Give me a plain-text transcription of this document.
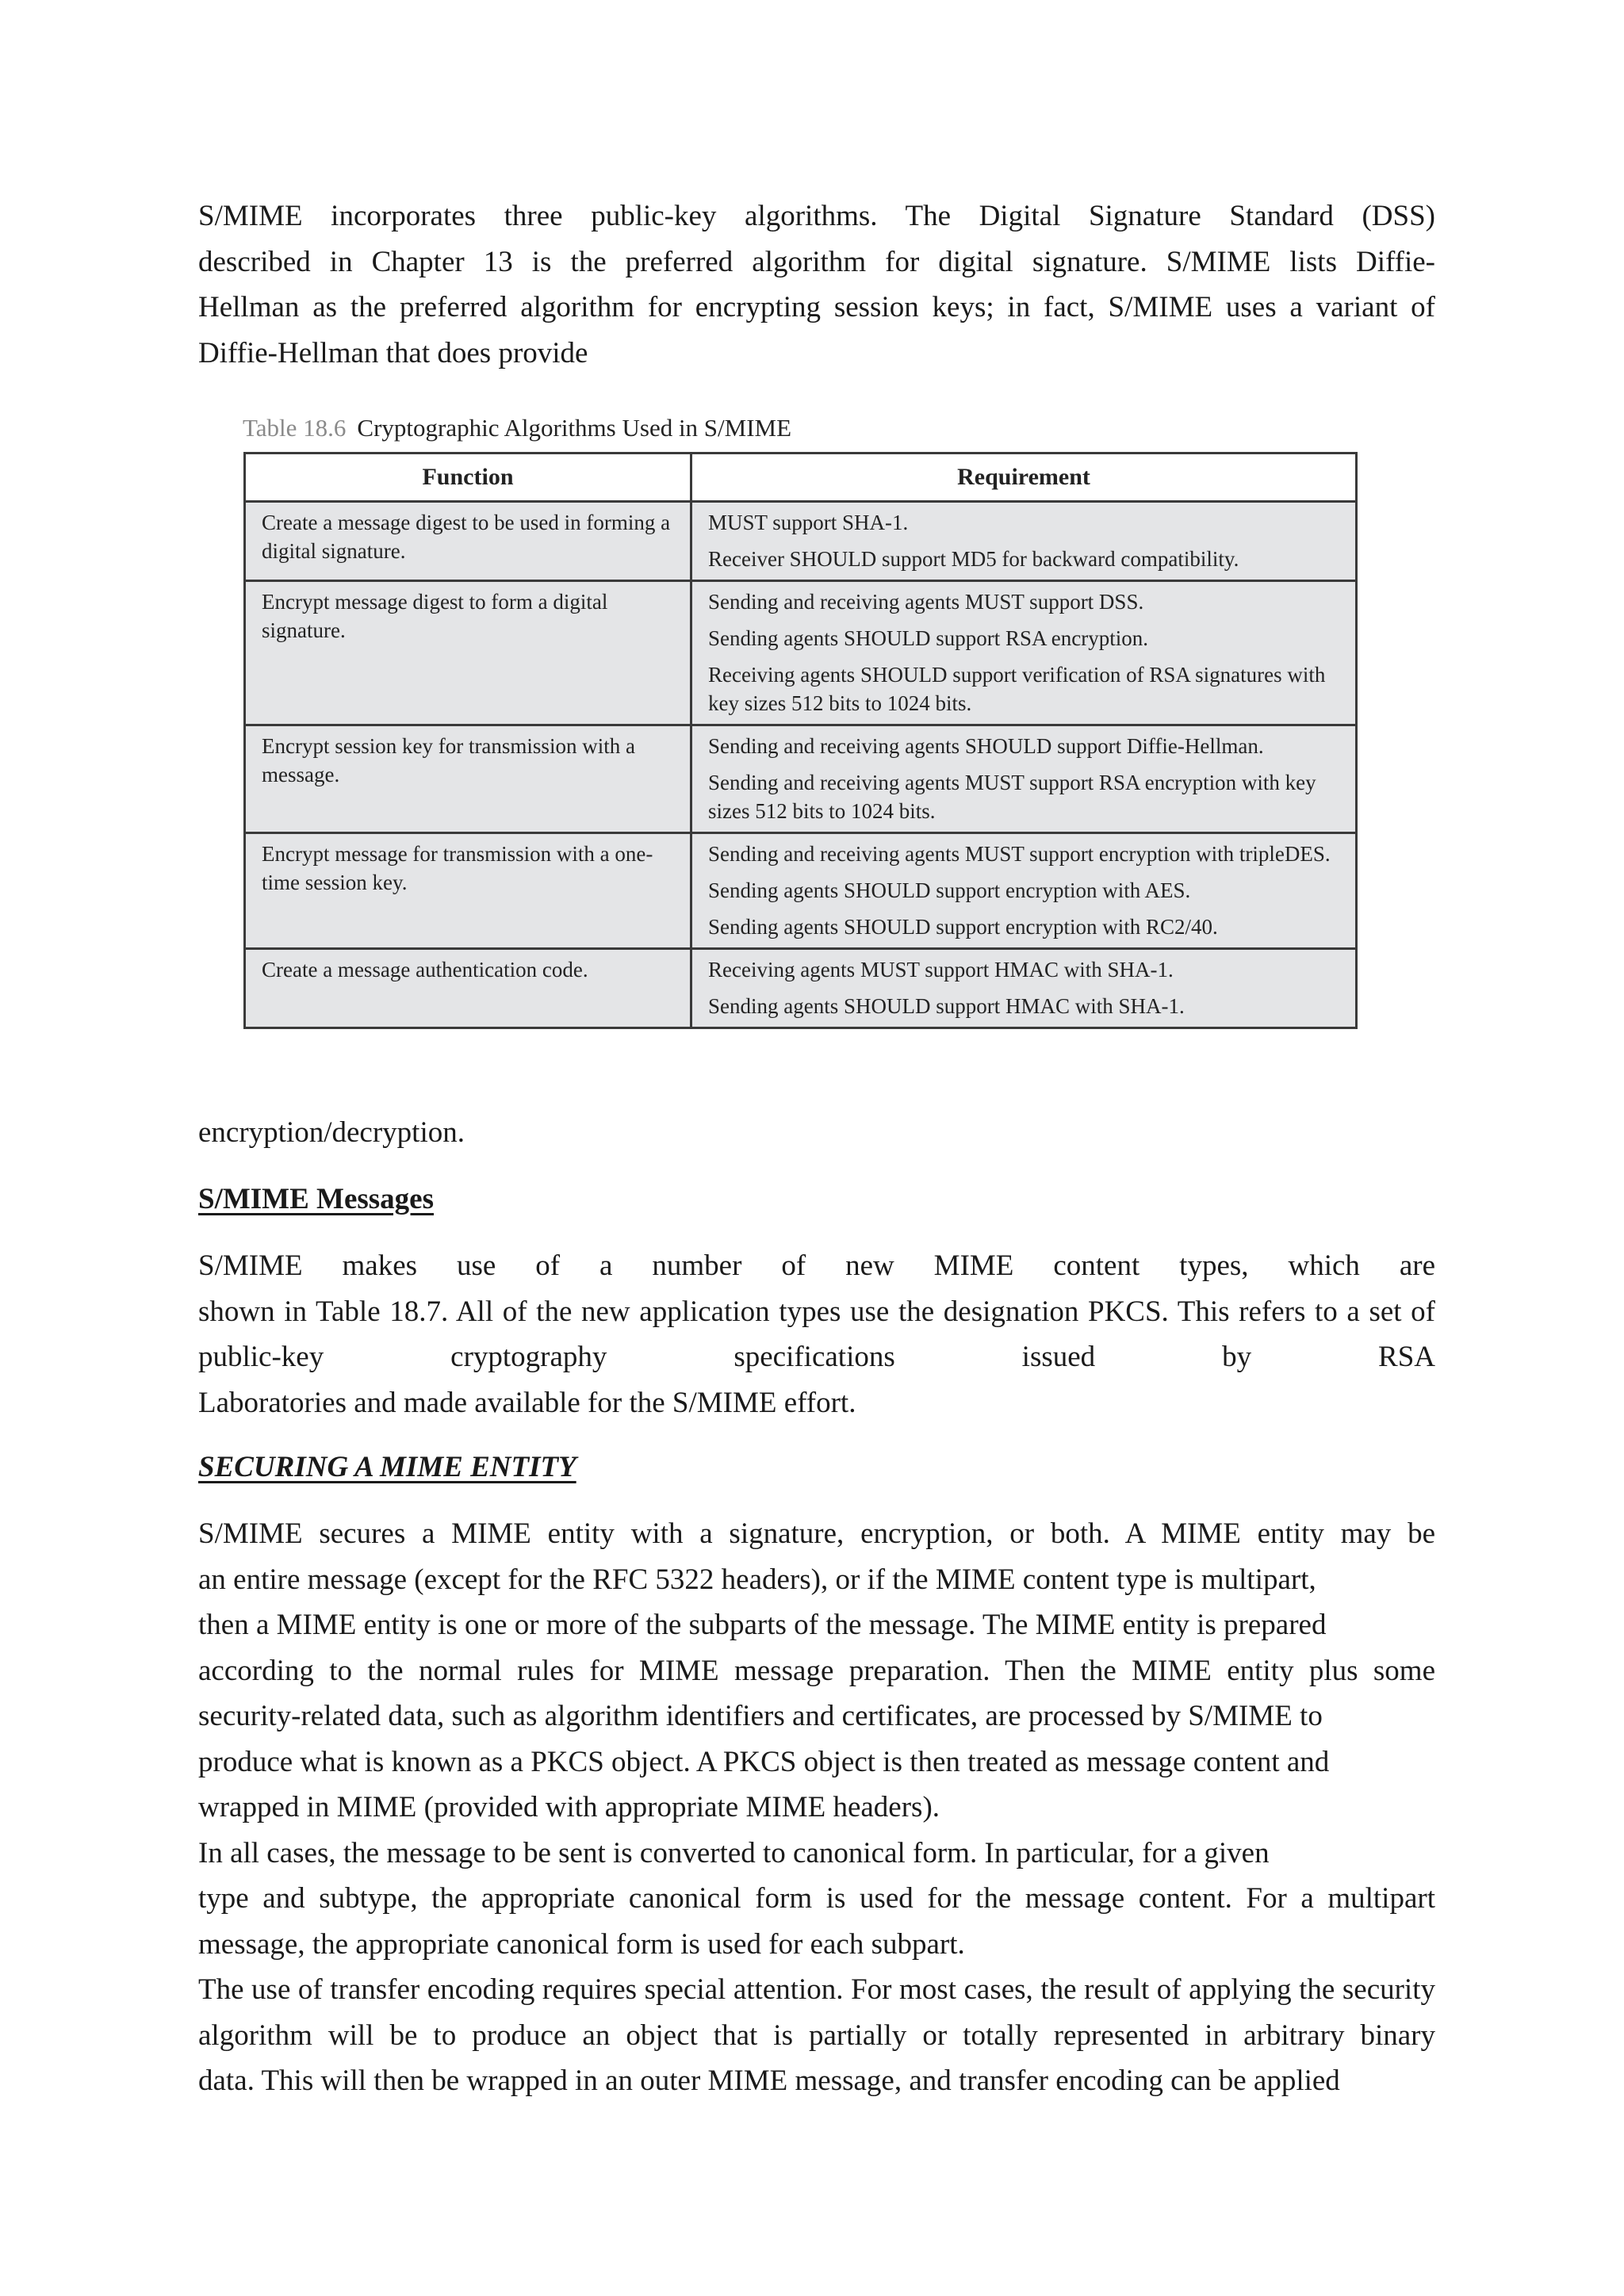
S/MIME incorporates three public-key algorithms. The Digital Signature Standard (DSS)
described in Chapter 13 is the preferred algorithm for digital signature. S/MIME lists Diffie-
Hellman as the preferred algorithm for encrypting session keys; in fact, S/MIME uses a variant of
Diffie-Hellman that does provide
Table 18.6 Cryptographic Algorithms Used in S/MIME
Function	Requirement
Create a message digest to be used in forming a digital signature.	MUST support SHA-1.
Receiver SHOULD support MD5 for backward compatibility.

Encrypt message digest to form a digital signature.	Sending and receiving agents MUST support DSS.
Sending agents SHOULD support RSA encryption.
Receiving agents SHOULD support verification of RSA signatures with key sizes 512 bits to 1024 bits.

Encrypt session key for transmission with a message.	Sending and receiving agents SHOULD support Diffie-Hellman.
Sending and receiving agents MUST support RSA encryption with key sizes 512 bits to 1024 bits.

Encrypt message for transmission with a one-time session key.	Sending and receiving agents MUST support encryption with tripleDES.
Sending agents SHOULD support encryption with AES.
Sending agents SHOULD support encryption with RC2/40.

Create a message authentication code.	Receiving agents MUST support HMAC with SHA-1.
Sending agents SHOULD support HMAC with SHA-1.
encryption/decryption.
S/MIME Messages
S/MIME makes use of a number of new MIME content types, which are
shown in Table 18.7. All of the new application types use the designation PKCS. This refers to a set of
public-key cryptography specifications issued by RSA
Laboratories and made available for the S/MIME effort.
SECURING A MIME ENTITY
S/MIME secures a MIME entity with a signature, encryption, or both. A MIME entity may be
an entire message (except for the RFC 5322 headers), or if the MIME content type is multipart,
then a MIME entity is one or more of the subparts of the message. The MIME entity is prepared
according to the normal rules for MIME message preparation. Then the MIME entity plus some
security-related data, such as algorithm identifiers and certificates, are processed by S/MIME to
produce what is known as a PKCS object. A PKCS object is then treated as message content and
wrapped in MIME (provided with appropriate MIME headers).
In all cases, the message to be sent is converted to canonical form. In particular, for a given
type and subtype, the appropriate canonical form is used for the message content. For a multipart
message, the appropriate canonical form is used for each subpart.
The use of transfer encoding requires special attention. For most cases, the result of applying the security
algorithm will be to produce an object that is partially or totally represented in arbitrary binary
data. This will then be wrapped in an outer MIME message, and transfer encoding can be applied
